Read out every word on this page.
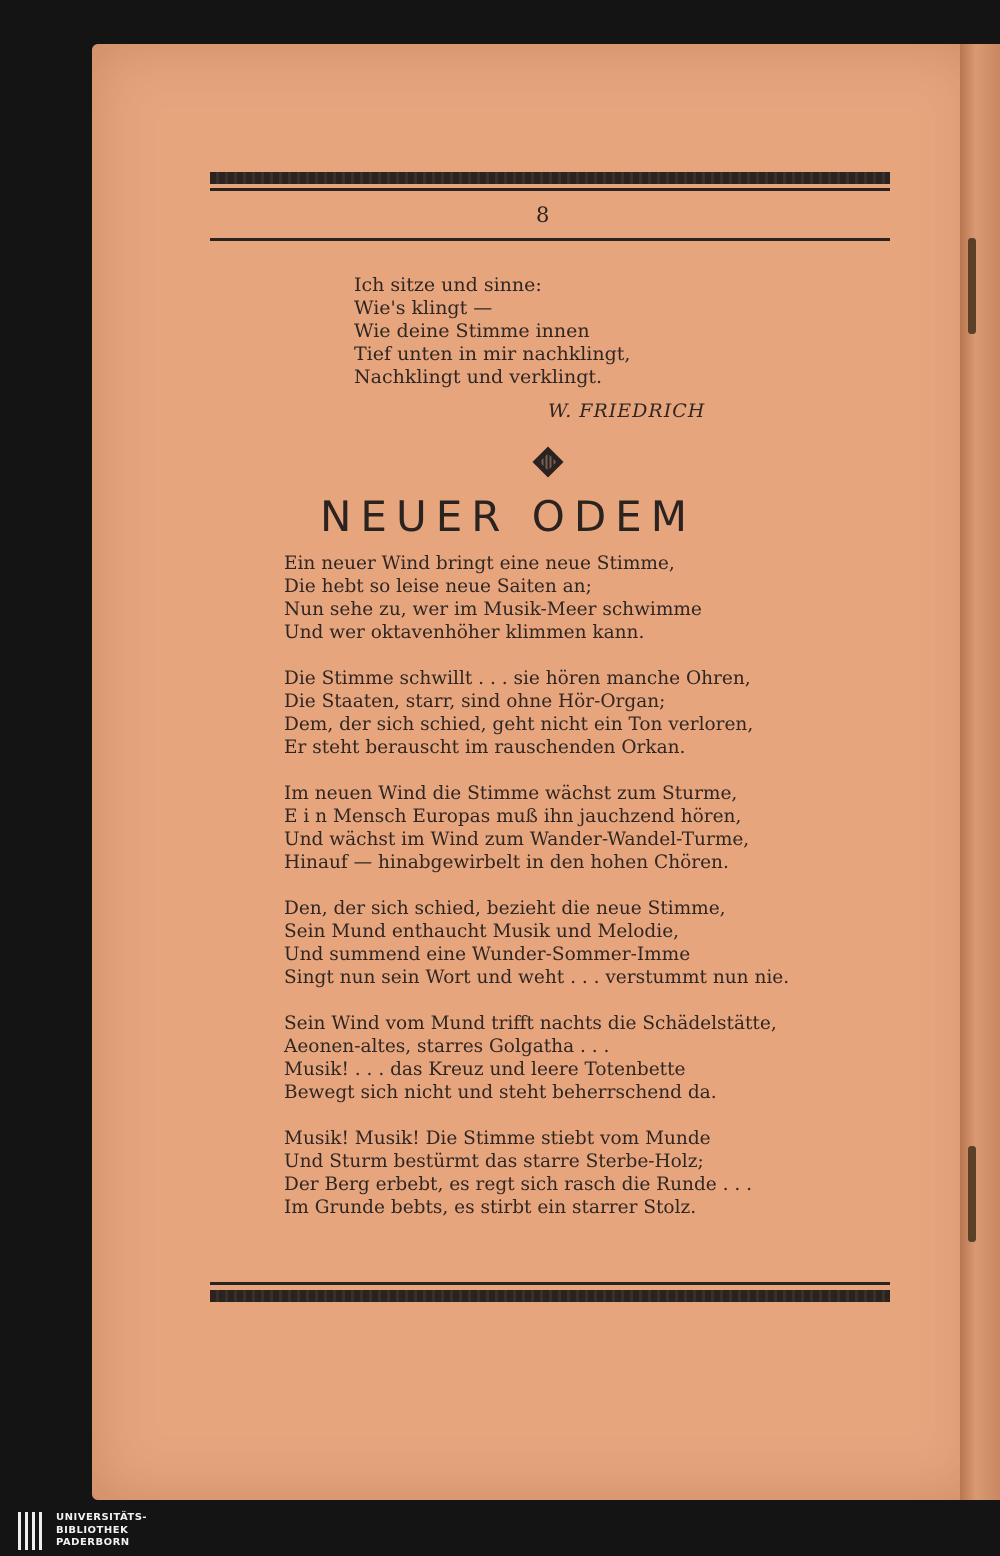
8
Ich sitze und sinne:
Wie's klingt —
Wie deine Stimme innen
Tief unten in mir nachklingt,
Nachklingt und verklingt.
W. FRIEDRICH
NEUER ODEM
Ein neuer Wind bringt eine neue Stimme,
Die hebt so leise neue Saiten an;
Nun sehe zu, wer im Musik-Meer schwimme
Und wer oktavenhöher klimmen kann.
Die Stimme schwillt . . . sie hören manche Ohren,
Die Staaten, starr, sind ohne Hör-Organ;
Dem, der sich schied, geht nicht ein Ton verloren,
Er steht berauscht im rauschenden Orkan.
Im neuen Wind die Stimme wächst zum Sturme,
E i n Mensch Europas muß ihn jauchzend hören,
Und wächst im Wind zum Wander-Wandel-Turme,
Hinauf — hinabgewirbelt in den hohen Chören.
Den, der sich schied, bezieht die neue Stimme,
Sein Mund enthaucht Musik und Melodie,
Und summend eine Wunder-Sommer-Imme
Singt nun sein Wort und weht . . . verstummt nun nie.
Sein Wind vom Mund trifft nachts die Schädelstätte,
Aeonen-altes, starres Golgatha . . .
Musik! . . . das Kreuz und leere Totenbette
Bewegt sich nicht und steht beherrschend da.
Musik! Musik! Die Stimme stiebt vom Munde
Und Sturm bestürmt das starre Sterbe-Holz;
Der Berg erbebt, es regt sich rasch die Runde . . .
Im Grunde bebts, es stirbt ein starrer Stolz.
UNIVERSITÄTS-
BIBLIOTHEK
PADERBORN
